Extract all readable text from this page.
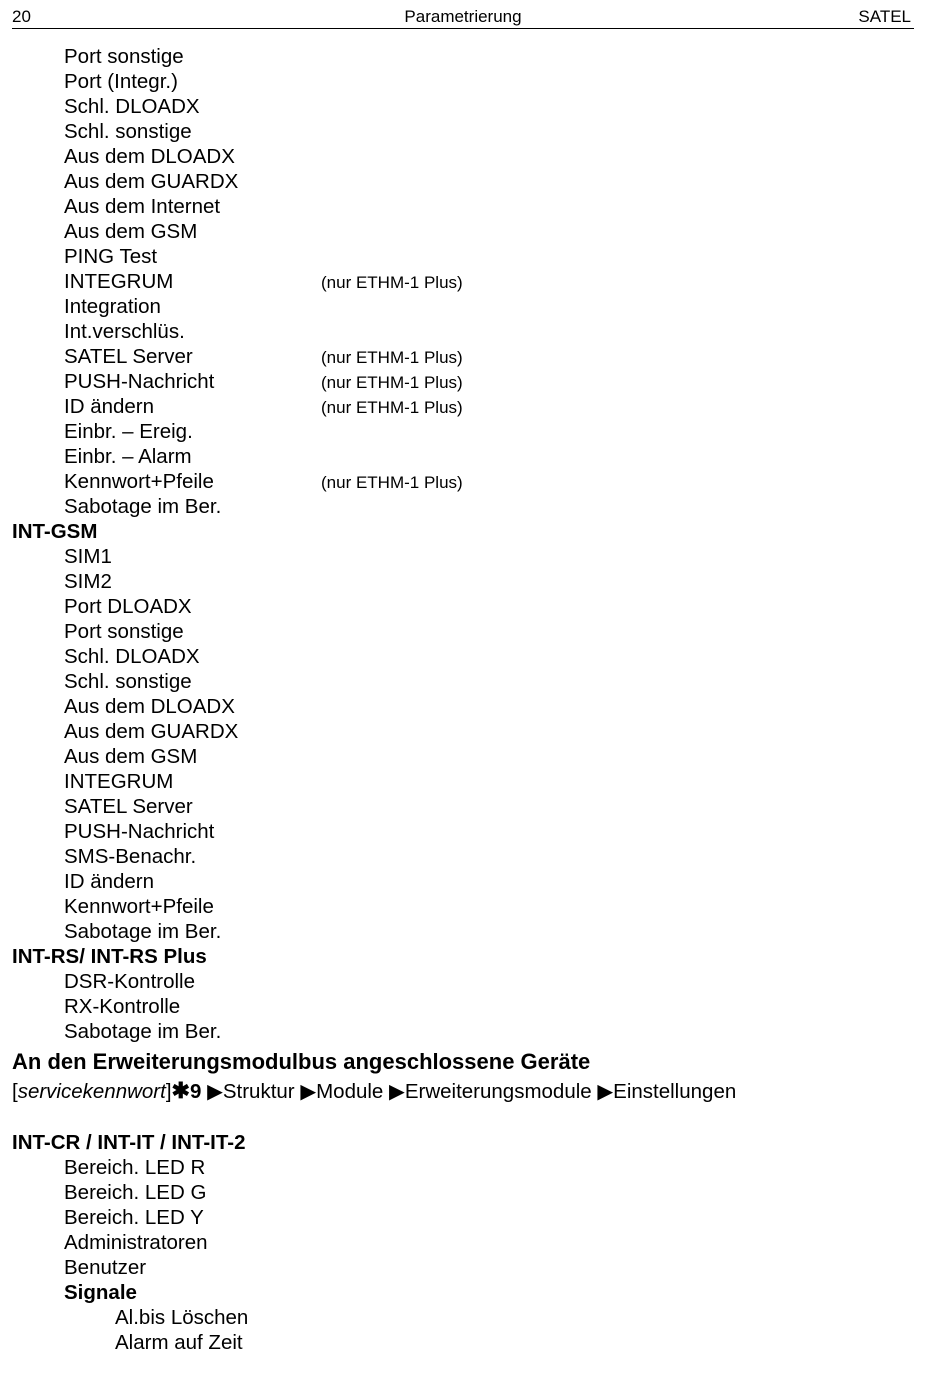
20	Parametrierung	SATEL
Port sonstige
Port (Integr.)
Schl. DLOADX
Schl. sonstige
Aus dem DLOADX
Aus dem GUARDX
Aus dem Internet
Aus dem GSM
PING Test
INTEGRUM	(nur ETHM-1 Plus)
Integration
Int.verschlüs.
SATEL Server	(nur ETHM-1 Plus)
PUSH-Nachricht	(nur ETHM-1 Plus)
ID ändern	(nur ETHM-1 Plus)
Einbr. – Ereig.
Einbr. – Alarm
Kennwort+Pfeile	(nur ETHM-1 Plus)
Sabotage im Ber.
INT-GSM
SIM1
SIM2
Port DLOADX
Port sonstige
Schl. DLOADX
Schl. sonstige
Aus dem DLOADX
Aus dem GUARDX
Aus dem GSM
INTEGRUM
SATEL Server
PUSH-Nachricht
SMS-Benachr.
ID ändern
Kennwort+Pfeile
Sabotage im Ber.
INT-RS/ INT-RS Plus
DSR-Kontrolle
RX-Kontrolle
Sabotage im Ber.
An den Erweiterungsmodulbus angeschlossene Geräte
[servicekennwort]✱9 ▶Struktur ▶Module ▶Erweiterungsmodule ▶Einstellungen
INT-CR / INT-IT / INT-IT-2
Bereich. LED R
Bereich. LED G
Bereich. LED Y
Administratoren
Benutzer
Signale
Al.bis Löschen
Alarm auf Zeit
